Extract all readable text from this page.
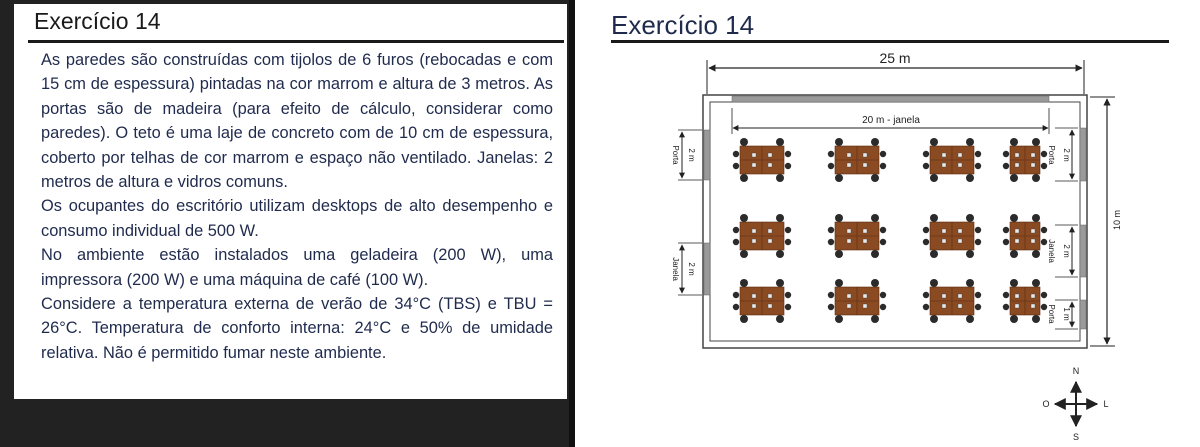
Exercício 14

As paredes são construídas com tijolos de 6 furos (rebocadas e com 15 cm de espessura) pintadas na cor marrom e altura de 3 metros. As portas são de madeira (para efeito de cálculo, considerar como paredes). O teto é uma laje de concreto com de 10 cm de espessura, coberto por telhas de cor marrom e espaço não ventilado. Janelas: 2 metros de altura e vidros comuns.

Os ocupantes do escritório utilizam desktops de alto desempenho e consumo individual de 500 W.

No ambiente estão instalados uma geladeira (200 W), uma impressora (200 W) e uma máquina de café (100 W).

Considere a temperatura externa de verão de 34°C (TBS) e TBU = 26°C. Temperatura de conforto interna: 24°C e 50% de umidade relativa. Não é permitido fumar neste ambiente.

Exercício 14
25 m
10 m
20 m - janela
Porta 2 m
Janela 2 m
Porta 2 m
Janela 2 m
Porta 1 m
N
S
O	L
